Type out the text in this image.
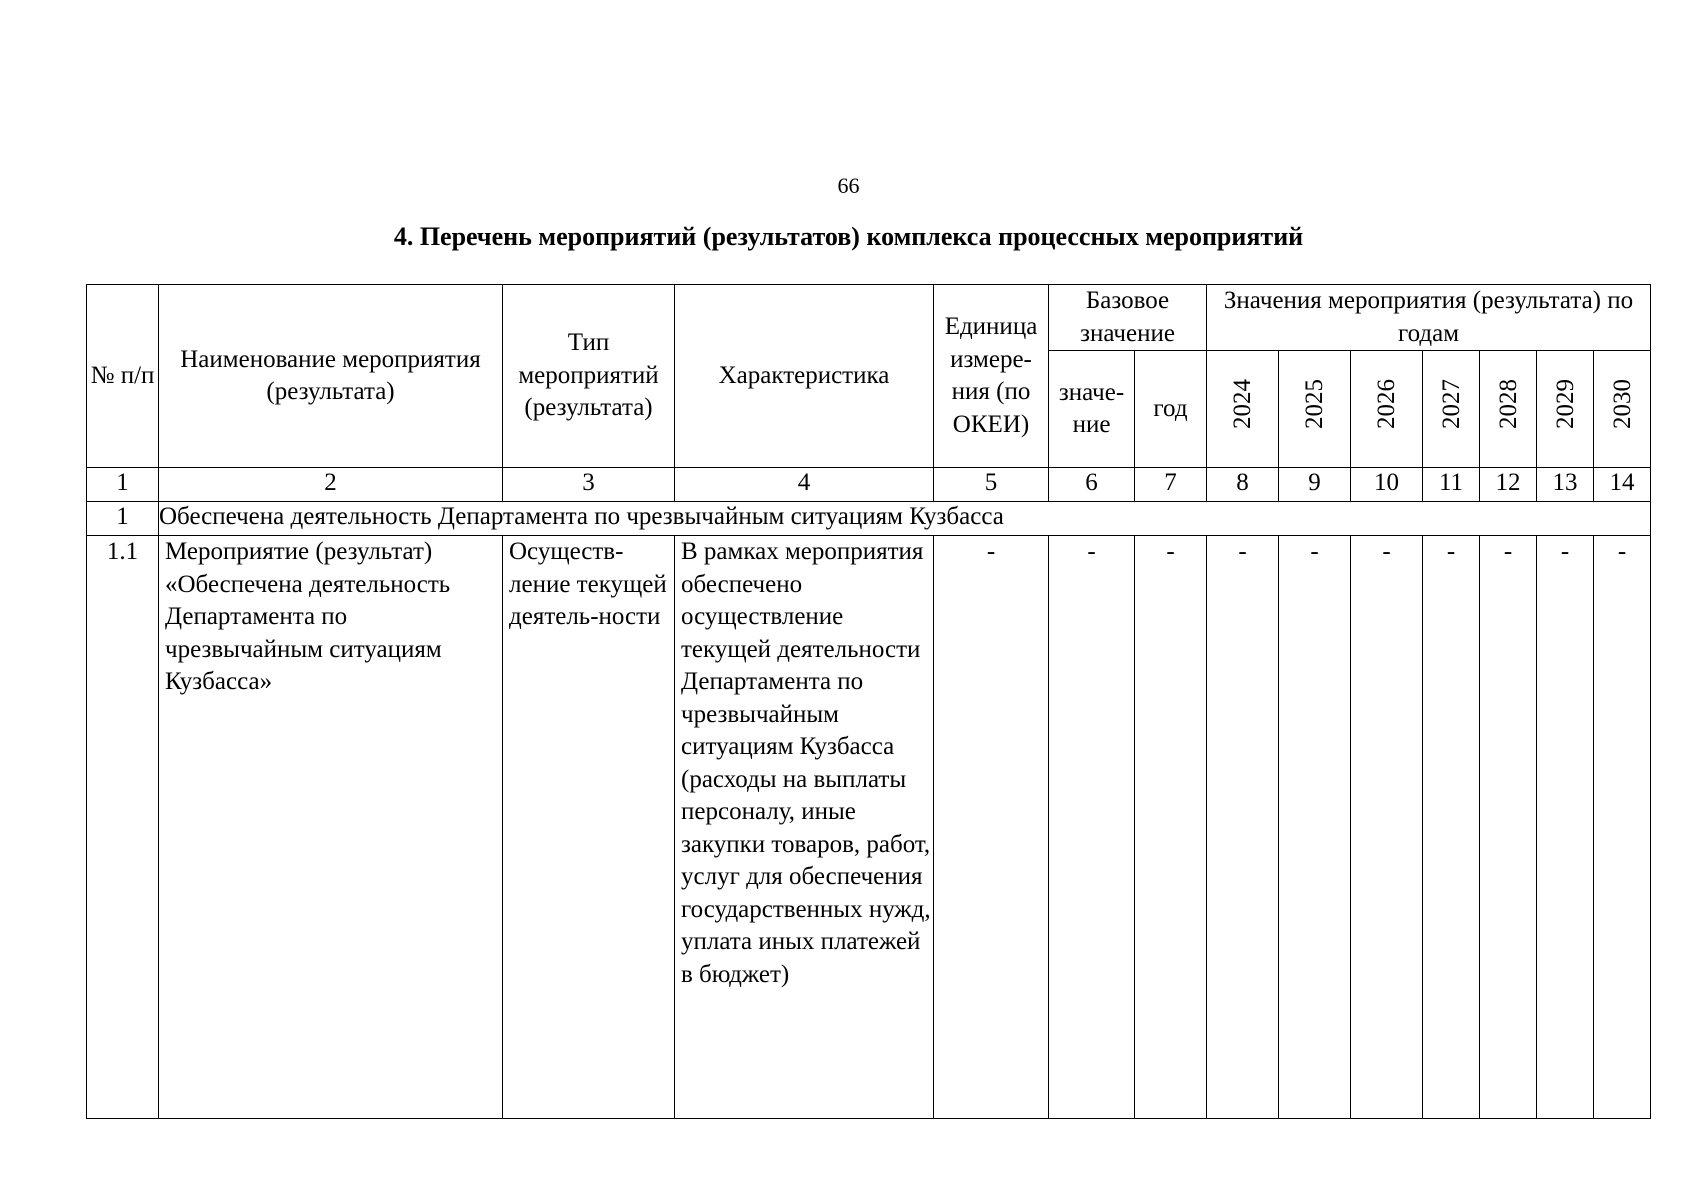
66
4. Перечень мероприятий (результатов) комплекса процессных мероприятий
№ п/п	Наименование мероприятия (результата)	Тип мероприятий (результата)	Характеристика	Единица измере-ния (по ОКЕИ)	Базовое значение		Значения мероприятия (результата) по годам						
					значе-ние	год	2024	2025	2026	2027	2028	2029	2030
1	2	3	4	5	6	7	8	9	10	11	12	13	14
1	Обеспечена деятельность Департамента по чрезвычайным ситуациям Кузбасса												
1.1	Мероприятие (результат) «Обеспечена деятельность Департамента по чрезвычайным ситуациям Кузбасса»	Осуществ-ление текущей деятель-ности	В рамках мероприятия обеспечено осуществление текущей деятельности Департамента по чрезвычайным ситуациям Кузбасса (расходы на выплаты персоналу, иные закупки товаров, работ, услуг для обеспечения государственных нужд, уплата иных платежей в бюджет)	-	-	-	-	-	-	-	-	-	-
